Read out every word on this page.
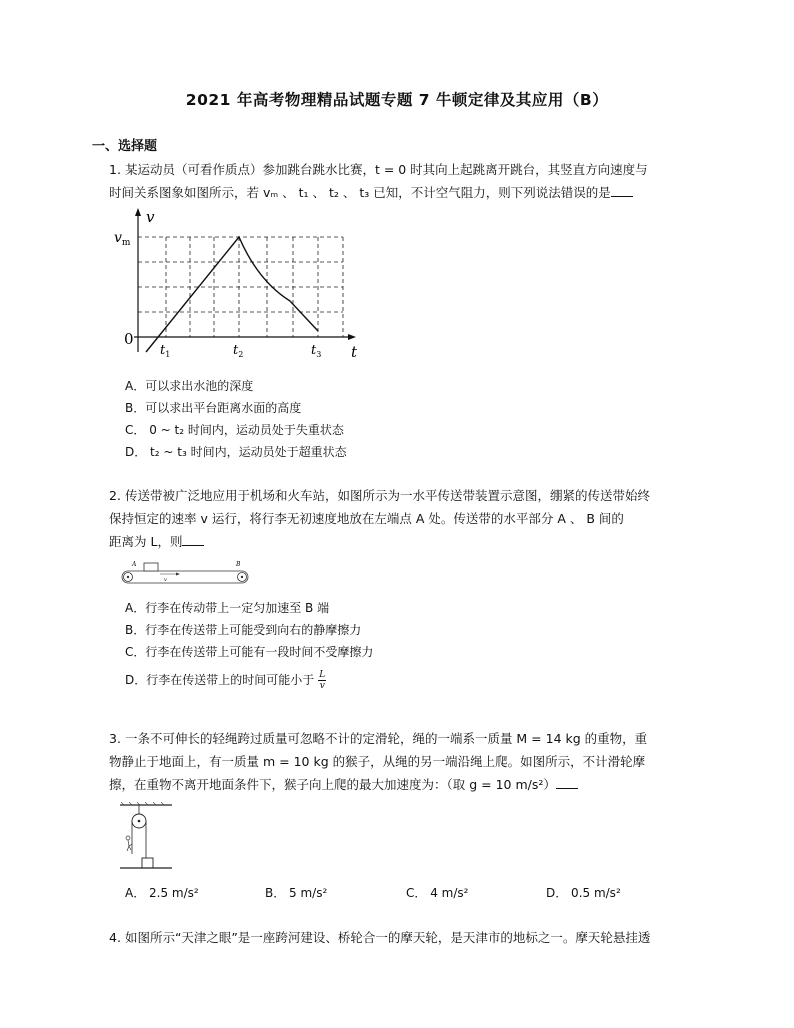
2021 年高考物理精品试题专题 7 牛顿定律及其应用（B）
一、选择题
1. 某运动员（可看作质点）参加跳台跳水比赛，t = 0 时其向上起跳离开跳台，其竖直方向速度与
时间关系图象如图所示，若 vₘ 、 t₁ 、 t₂ 、 t₃ 已知，不计空气阻力，则下列说法错误的是
v
$v_m$
0
t
$t_1$	$t_2$	$t_3$
A．可以求出水池的深度
B．可以求出平台距离水面的高度
C． 0 ~ t₂ 时间内，运动员处于失重状态
D． t₂ ~ t₃ 时间内，运动员处于超重状态
2. 传送带被广泛地应用于机场和火车站，如图所示为一水平传送带装置示意图，绷紧的传送带始终
保持恒定的速率 v 运行，将行李无初速度地放在左端点 A 处。传送带的水平部分 A 、 B 间的
距离为 L，则
v
A	B
A．行李在传动带上一定匀加速至 B 端
B．行李在传送带上可能受到向右的静摩擦力
C．行李在传送带上可能有一段时间不受摩擦力
D．行李在传送带上的时间可能小于 $\frac{L}{v}$
3. 一条不可伸长的轻绳跨过质量可忽略不计的定滑轮，绳的一端系一质量 M = 14 kg 的重物，重
物静止于地面上，有一质量 m = 10 kg 的猴子，从绳的另一端沿绳上爬。如图所示，不计滑轮摩
擦，在重物不离开地面条件下，猴子向上爬的最大加速度为：（取 g = 10 m/s²）
A． 2.5 m/s²	B． 5 m/s²	C． 4 m/s²	D． 0.5 m/s²
4. 如图所示“天津之眼”是一座跨河建设、桥轮合一的摩天轮，是天津市的地标之一。摩天轮悬挂透
